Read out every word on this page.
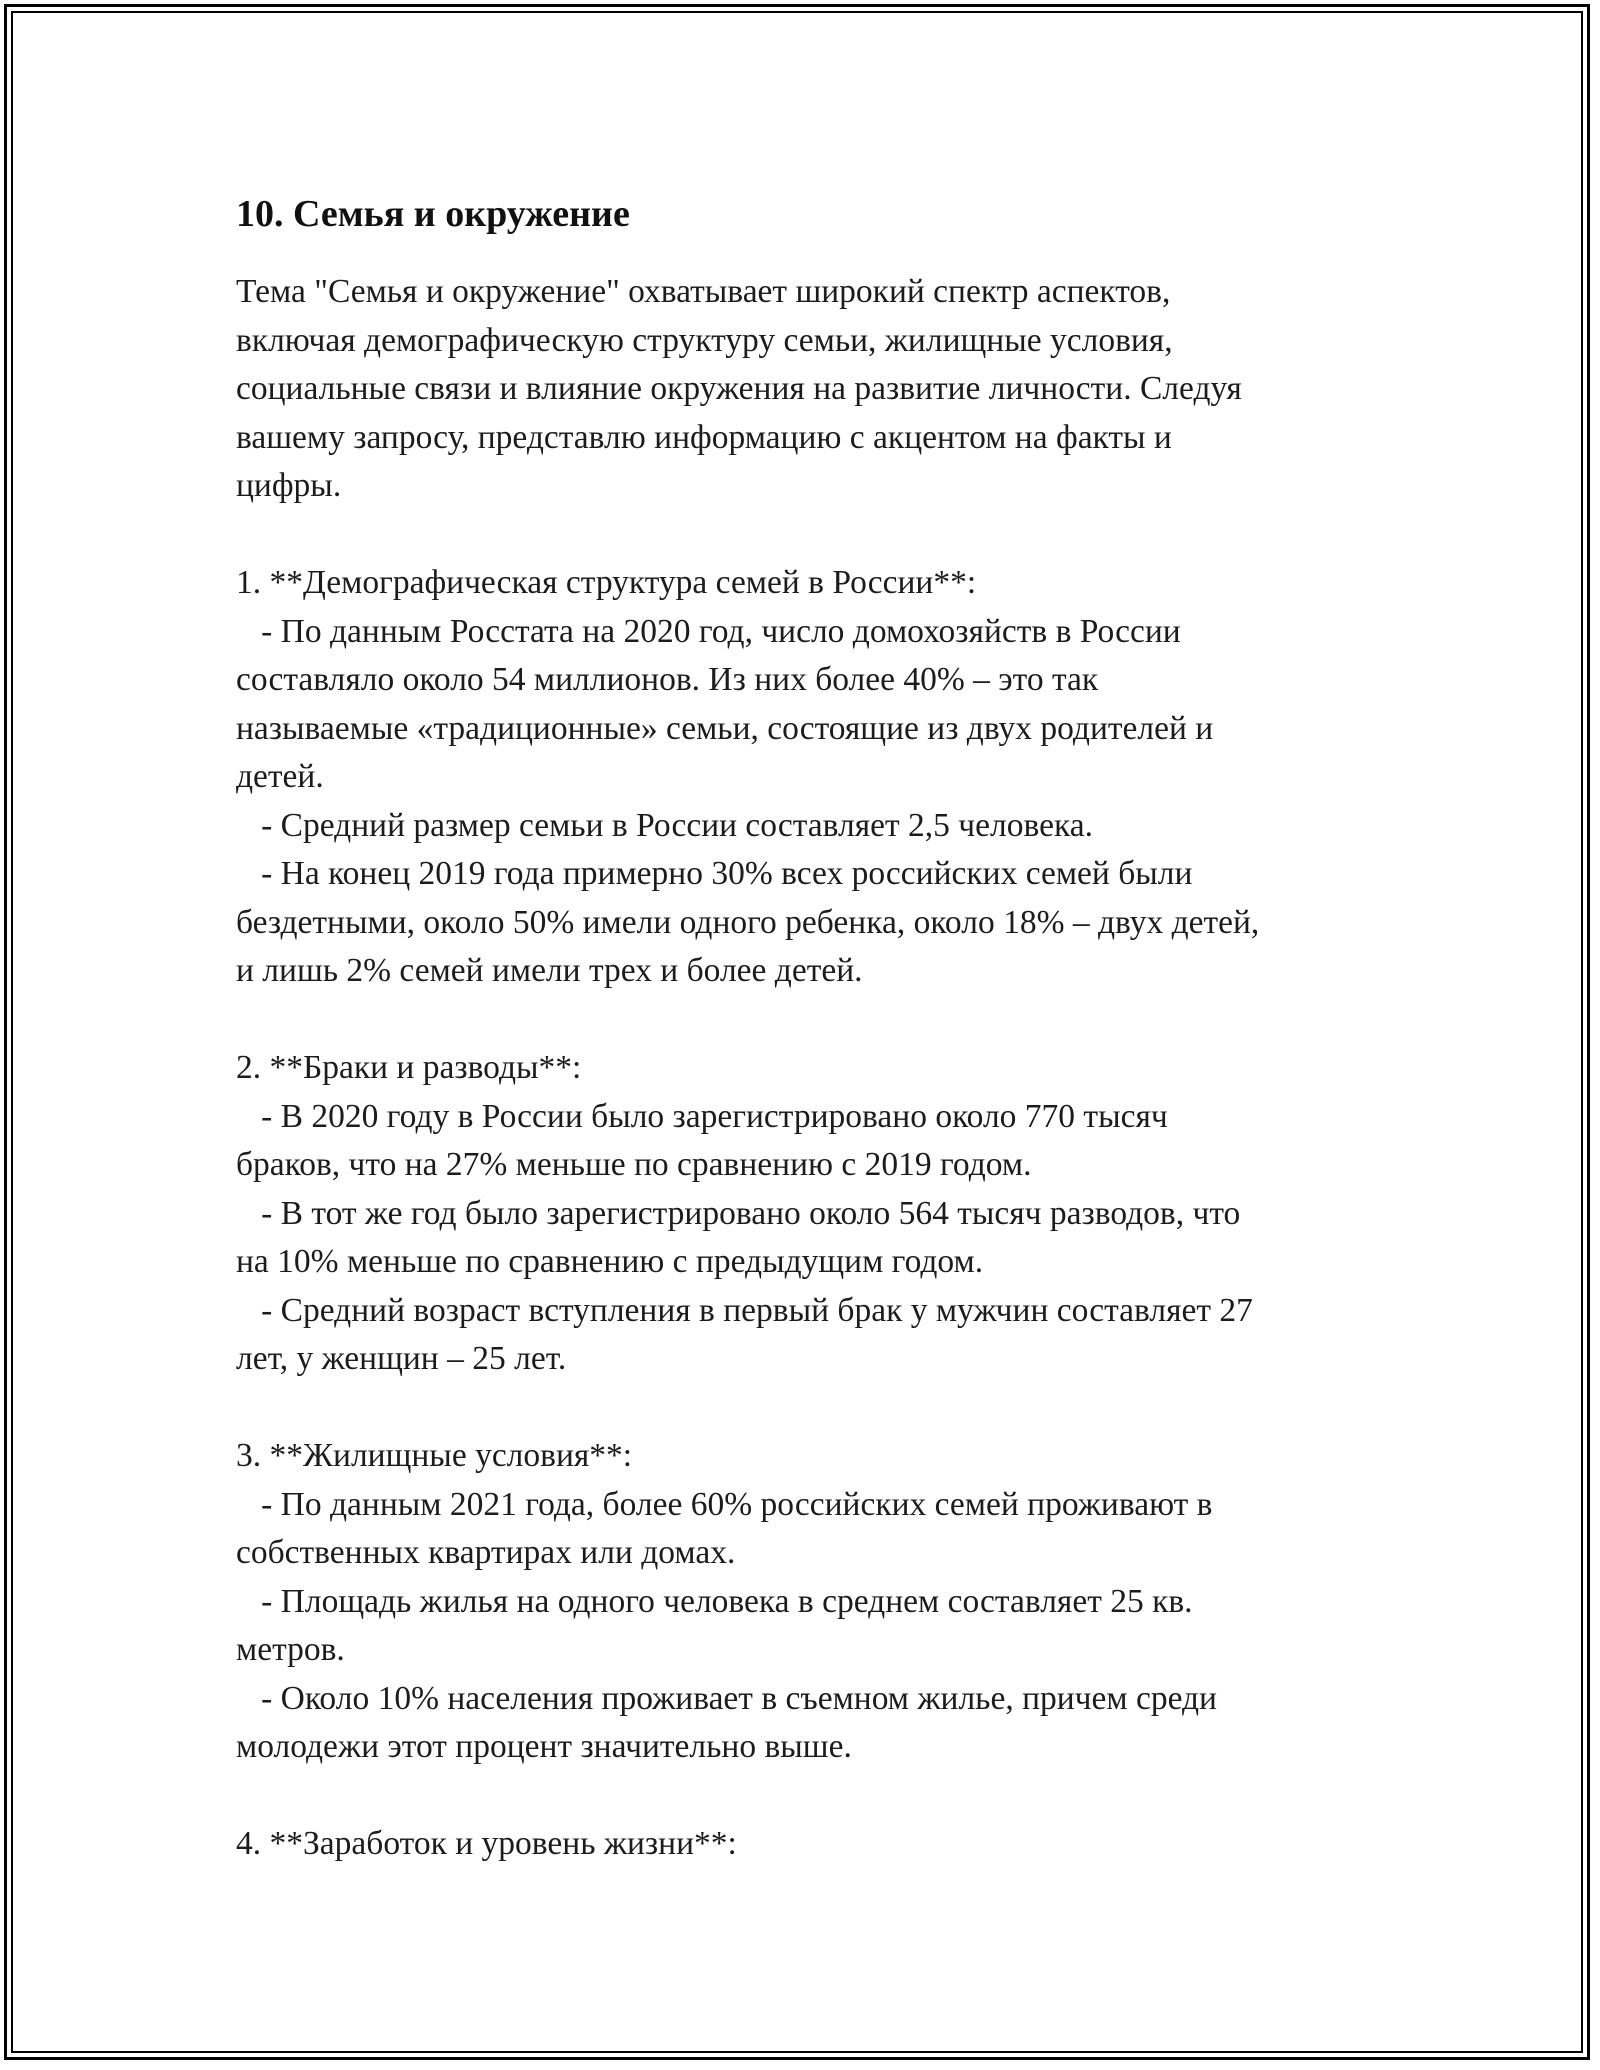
10. Семья и окружение

Тема "Семья и окружение" охватывает широкий спектр аспектов,

включая демографическую структуру семьи, жилищные условия,

социальные связи и влияние окружения на развитие личности. Следуя

вашему запросу, представлю информацию с акцентом на факты и

цифры.

1. **Демографическая структура семей в России**:

- По данным Росстата на 2020 год, число домохозяйств в России

составляло около 54 миллионов. Из них более 40% – это так

называемые «традиционные» семьи, состоящие из двух родителей и

детей.

- Средний размер семьи в России составляет 2,5 человека.

- На конец 2019 года примерно 30% всех российских семей были

бездетными, около 50% имели одного ребенка, около 18% – двух детей,

и лишь 2% семей имели трех и более детей.

2. **Браки и разводы**:

- В 2020 году в России было зарегистрировано около 770 тысяч

браков, что на 27% меньше по сравнению с 2019 годом.

- В тот же год было зарегистрировано около 564 тысяч разводов, что

на 10% меньше по сравнению с предыдущим годом.

- Средний возраст вступления в первый брак у мужчин составляет 27

лет, у женщин – 25 лет.

3. **Жилищные условия**:

- По данным 2021 года, более 60% российских семей проживают в

собственных квартирах или домах.

- Площадь жилья на одного человека в среднем составляет 25 кв.

метров.

- Около 10% населения проживает в съемном жилье, причем среди

молодежи этот процент значительно выше.

4. **Заработок и уровень жизни**:
